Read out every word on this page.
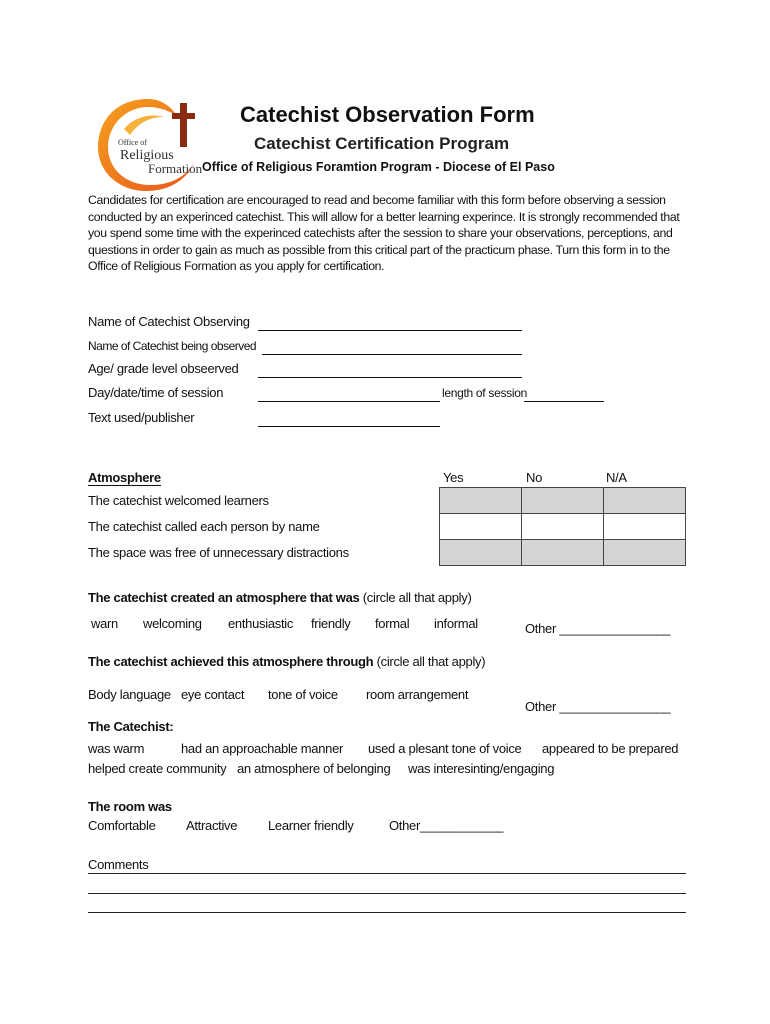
Office of
Religious
Formation
Catechist Observation Form
Catechist Certification Program
Office of Religious Foramtion Program - Diocese of El Paso
Candidates for certification are encouraged to read and become familiar with this form before observing a session conducted by an experinced catechist. This will allow for a better learning experince. It is strongly recommended that you spend some time with the experinced catechists after the session to share your observations, perceptions, and questions in order to gain as much as possible from this critical part of the practicum phase. Turn this form in to the Office of Religious Formation as you apply for certification.
Name of Catechist Observing
Name of Catechist being observed
Age/ grade level obseerved
Day/date/time of session	length of session
Text used/publisher
Atmosphere	Yes	No	N/A
The catechist welcomed learners
The catechist called each person by name
The space was free of unnecessary distractions

The catechist created an atmosphere that was (circle all that apply)
warn welcoming enthusiastic friendly formal informal	Other ________________
The catechist achieved this atmosphere through (circle all that apply)
Body language eye contact tone of voice room arrangement
Other ________________
The Catechist:
was warm	had an approachable manner used a plesant tone of voice appeared to be prepared
helped create community an atmosphere of belonging was interesinting/engaging
The room was
Comfortable Attractive Learner friendly	Other____________
Comments
